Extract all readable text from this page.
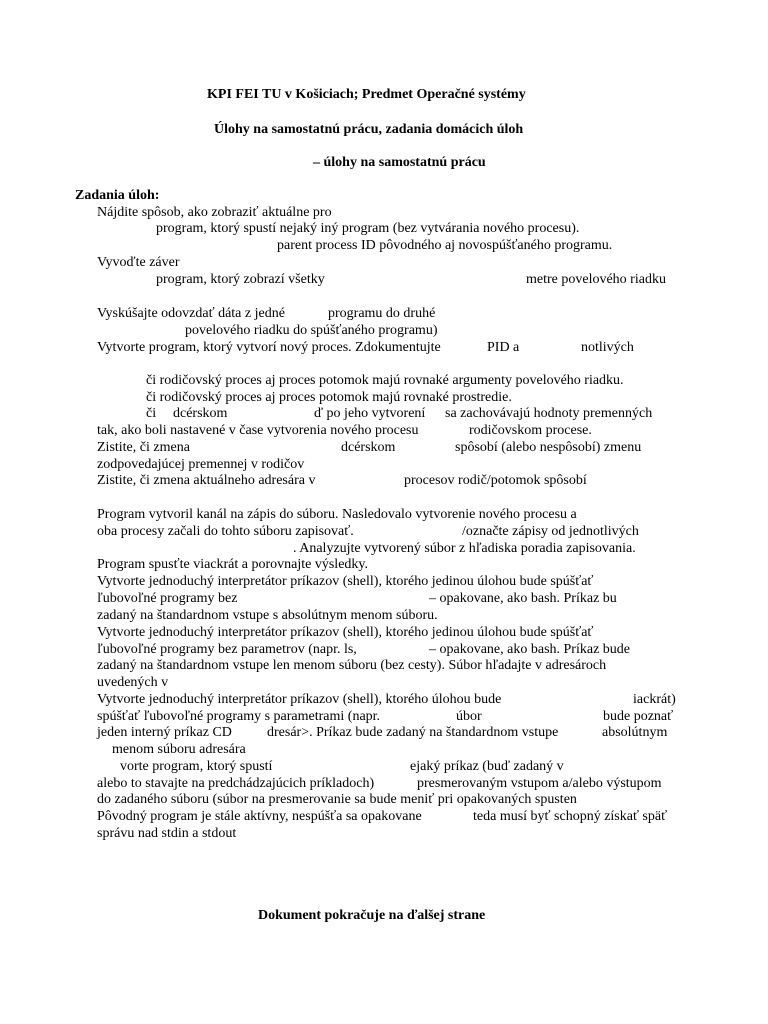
KPI FEI TU v Košiciach; Predmet Operačné systémy
Úlohy na samostatnú prácu, zadania domácich úloh
– úlohy na samostatnú prácu
Zadania úloh:
Nájdite spôsob, ako zobraziť aktuálne pro
program, ktorý spustí nejaký iný program (bez vytvárania nového procesu).
parent process ID pôvodného aj novospúšťaného programu.
Vyvoďte záver
program, ktorý zobrazí všetky	metre povelového riadku
Vyskúšajte odovzdať dáta z jedné	programu do druhé
povelového riadku do spúšťaného programu)
Vytvorte program, ktorý vytvorí nový proces. Zdokumentujte	PID a	notlivých
či rodičovský proces aj proces potomok majú rovnaké argumenty povelového riadku.
či rodičovský proces aj proces potomok majú rovnaké prostredie.
či dcérskom	ď po jeho vytvorení sa zachovávajú hodnoty premenných
tak, ako boli nastavené v čase vytvorenia nového procesu	rodičovskom procese.
Zistite, či zmena	dcérskom	spôsobí (alebo nespôsobí) zmenu
zodpovedajúcej premennej v rodičov
Zistite, či zmena aktuálneho adresára v	procesov rodič/potomok spôsobí
Program vytvoril kanál na zápis do súboru. Nasledovalo vytvorenie nového procesu a
oba procesy začali do tohto súboru zapisovať.	/označte zápisy od jednotlivých
. Analyzujte vytvorený súbor z hľadiska poradia zapisovania.
Program spusťte viackrát a porovnajte výsledky.
Vytvorte jednoduchý interpretátor príkazov (shell), ktorého jedinou úlohou bude spúšťať
ľubovoľné programy bez	– opakovane, ako bash. Príkaz bu
zadaný na štandardnom vstupe s absolútnym menom súboru.
Vytvorte jednoduchý interpretátor príkazov (shell), ktorého jedinou úlohou bude spúšťať
ľubovoľné programy bez parametrov (napr. ls,	– opakovane, ako bash. Príkaz bude
zadaný na štandardnom vstupe len menom súboru (bez cesty). Súbor hľadajte v adresároch
uvedených v
Vytvorte jednoduchý interpretátor príkazov (shell), ktorého úlohou bude	iackrát)
spúšťať ľubovoľné programy s parametrami (napr.	úbor	bude poznať
jeden interný príkaz CD	dresár>. Príkaz bude zadaný na štandardnom vstupe	absolútnym
menom súboru adresára
vorte program, ktorý spustí	ejaký príkaz (buď zadaný v
alebo to stavajte na predchádzajúcich príkladoch)	presmerovaným vstupom a/alebo výstupom
do zadaného súboru (súbor na presmerovanie sa bude meniť pri opakovaných spusten
Pôvodný program je stále aktívny, nespúšťa sa opakovane	teda musí byť schopný získať späť
správu nad stdin a stdout
Dokument pokračuje na ďalšej strane
